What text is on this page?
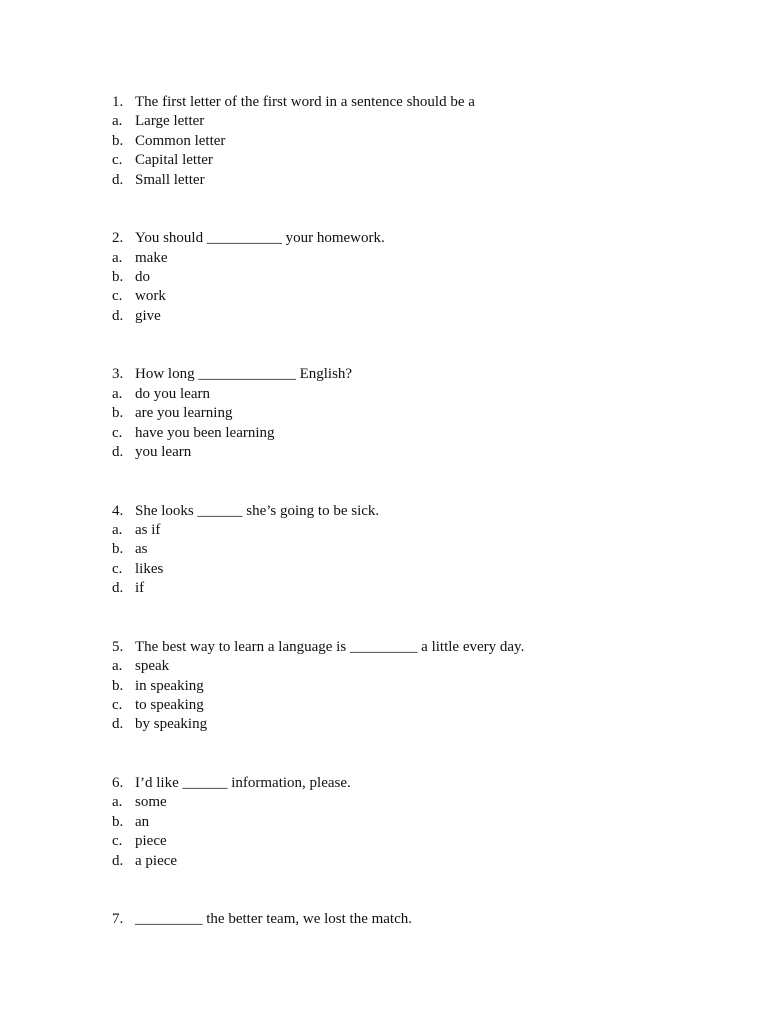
1. The first letter of the first word in a sentence should be a
a. Large letter
b. Common letter
c. Capital letter
d. Small letter
2. You should __________ your homework.
a. make
b. do
c. work
d. give
3. How long _____________ English?
a. do you learn
b. are you learning
c. have you been learning
d. you learn
4. She looks ______ she’s going to be sick.
a. as if
b. as
c. likes
d. if
5. The best way to learn a language is _________ a little every day.
a. speak
b. in speaking
c. to speaking
d. by speaking
6. I’d like ______ information, please.
a. some
b. an
c. piece
d. a piece
7. _________ the better team, we lost the match.
